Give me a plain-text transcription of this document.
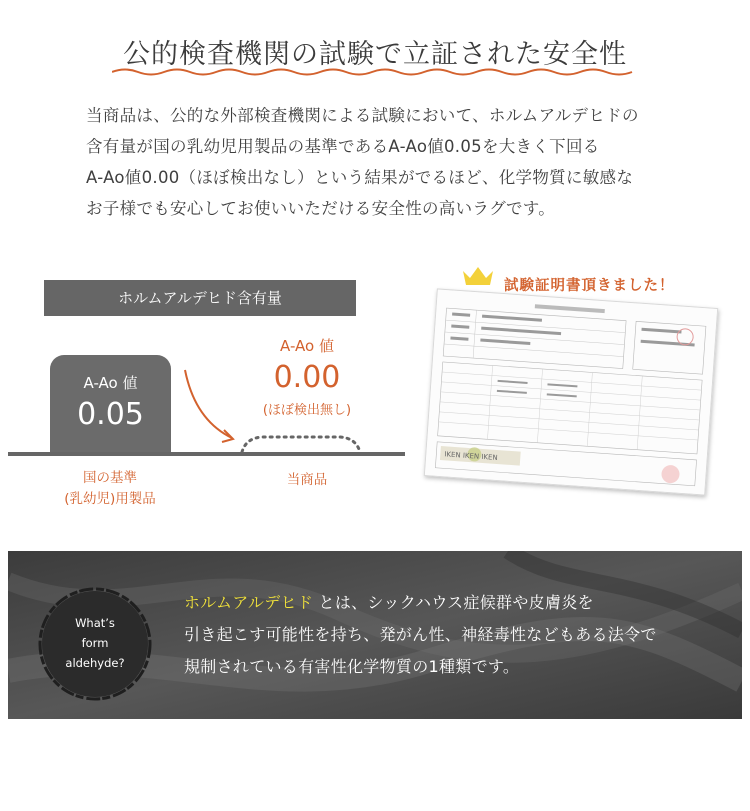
公的検査機関の試験で立証された安全性

当商品は、公的な外部検査機関による試験において、ホルムアルデヒドの

含有量が国の乳幼児用製品の基準であるA-Ao値0.05を大きく下回る

A-Ao値0.00（ほぼ検出なし）という結果がでるほど、化学物質に敏感な

お子様でも安心してお使いいただける安全性の高いラグです。

ホルムアルデヒド含有量
A-Ao 値
0.05
A-Ao 値
0.00
(ほぼ検出無し)
国の基準
(乳幼児)用製品
当商品
試験証明書頂きました！
IKEN IKEN IKEN
What’s
form
aldehyde?

ホルムアルデヒド とは、シックハウス症候群や皮膚炎を

引き起こす可能性を持ち、発がん性、神経毒性などもある法令で

規制されている有害性化学物質の1種類です。
